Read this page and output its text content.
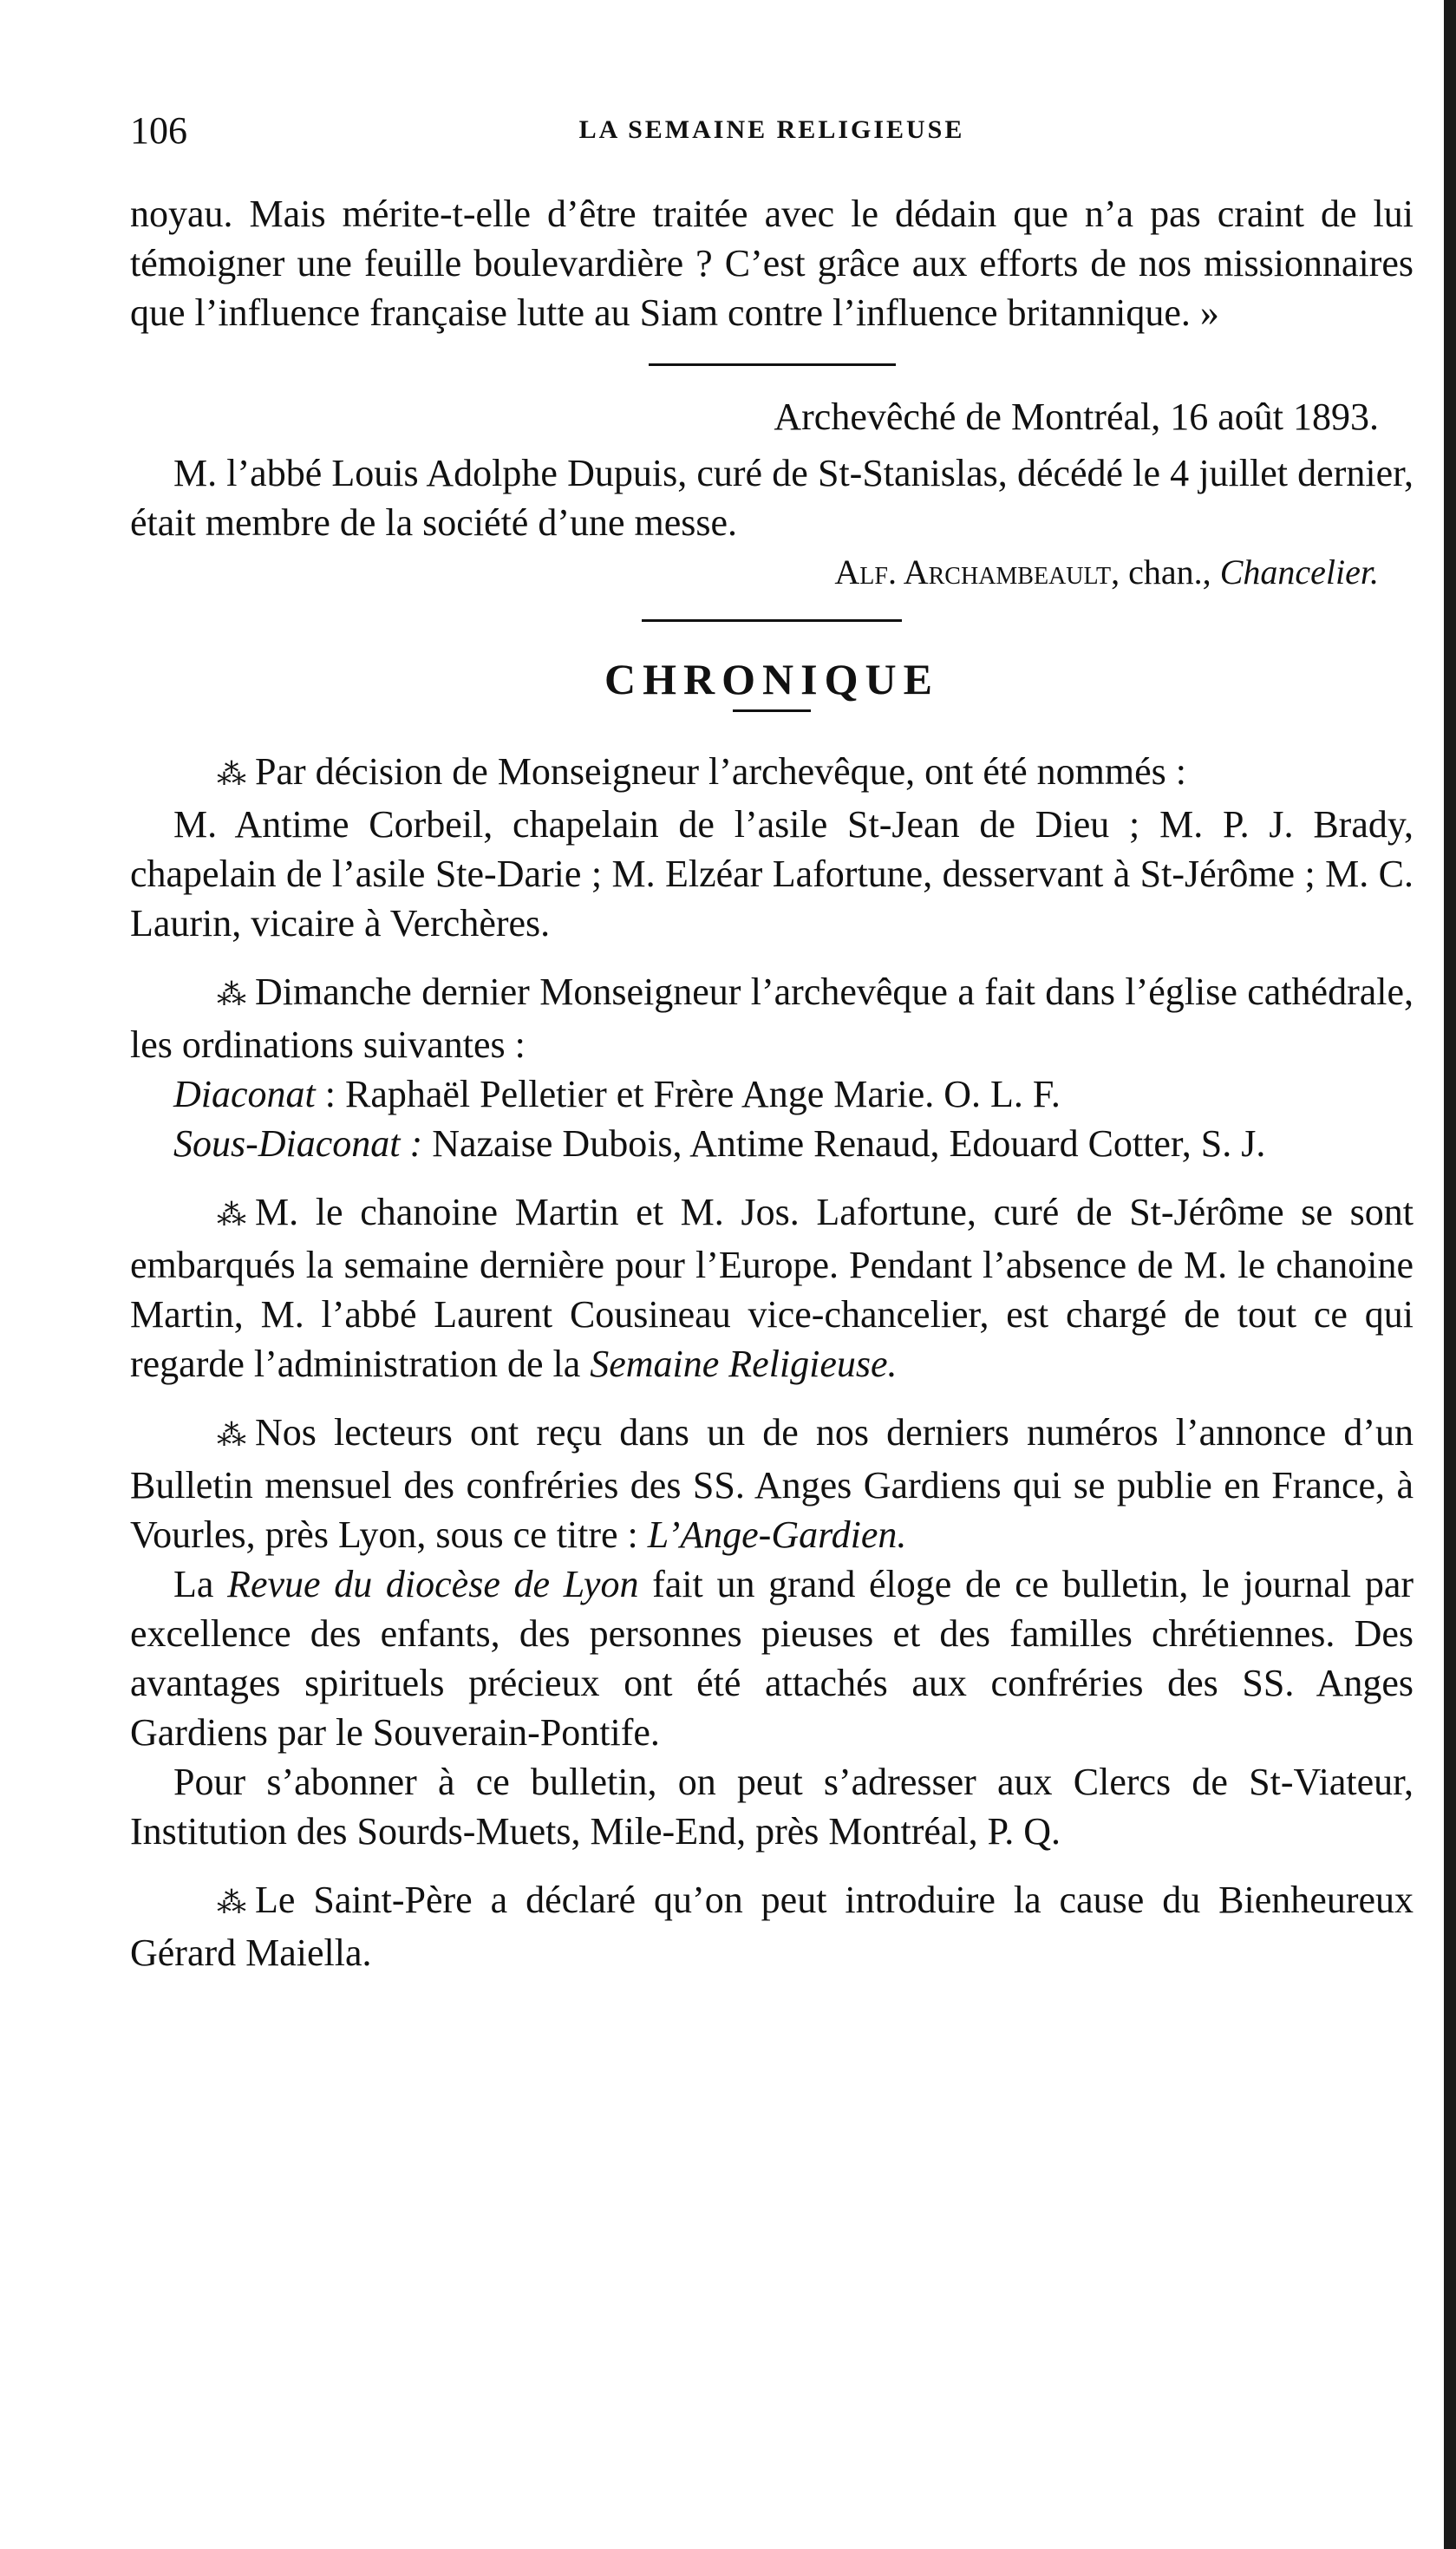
106	LA SEMAINE RELIGIEUSE

noyau. Mais mérite-t-elle d’être traitée avec le dédain que n’a pas craint de lui témoigner une feuille boulevardière ? C’est grâce aux efforts de nos missionnaires que l’influence française lutte au Siam contre l’influence britannique. »

Archevêché de Montréal, 16 août 1893.

M. l’abbé Louis Adolphe Dupuis, curé de St-Stanislas, décédé le 4 juillet dernier, était membre de la société d’une messe.

Alf. Archambeault, chan., Chancelier.

CHRONIQUE

⁂ Par décision de Monseigneur l’archevêque, ont été nommés :

M. Antime Corbeil, chapelain de l’asile St-Jean de Dieu ; M. P. J. Brady, chapelain de l’asile Ste-Darie ; M. Elzéar Lafortune, desservant à St-Jérôme ; M. C. Laurin, vicaire à Verchères.

⁂ Dimanche dernier Monseigneur l’archevêque a fait dans l’église cathédrale, les ordinations suivantes :

Diaconat : Raphaël Pelletier et Frère Ange Marie. O. L. F.

Sous-Diaconat : Nazaise Dubois, Antime Renaud, Edouard Cotter, S. J.

⁂ M. le chanoine Martin et M. Jos. Lafortune, curé de St-Jérôme se sont embarqués la semaine dernière pour l’Europe. Pendant l’absence de M. le chanoine Martin, M. l’abbé Laurent Cousineau vice-chancelier, est chargé de tout ce qui regarde l’administration de la Semaine Religieuse.

⁂ Nos lecteurs ont reçu dans un de nos derniers numéros l’annonce d’un Bulletin mensuel des confréries des SS. Anges Gardiens qui se publie en France, à Vourles, près Lyon, sous ce titre : L’Ange-Gardien.

La Revue du diocèse de Lyon fait un grand éloge de ce bulletin, le journal par excellence des enfants, des personnes pieuses et des familles chrétiennes. Des avantages spirituels précieux ont été attachés aux confréries des SS. Anges Gardiens par le Souverain-Pontife.

Pour s’abonner à ce bulletin, on peut s’adresser aux Clercs de St-Viateur, Institution des Sourds-Muets, Mile-End, près Montréal, P. Q.

⁂ Le Saint-Père a déclaré qu’on peut introduire la cause du Bienheureux Gérard Maiella.
